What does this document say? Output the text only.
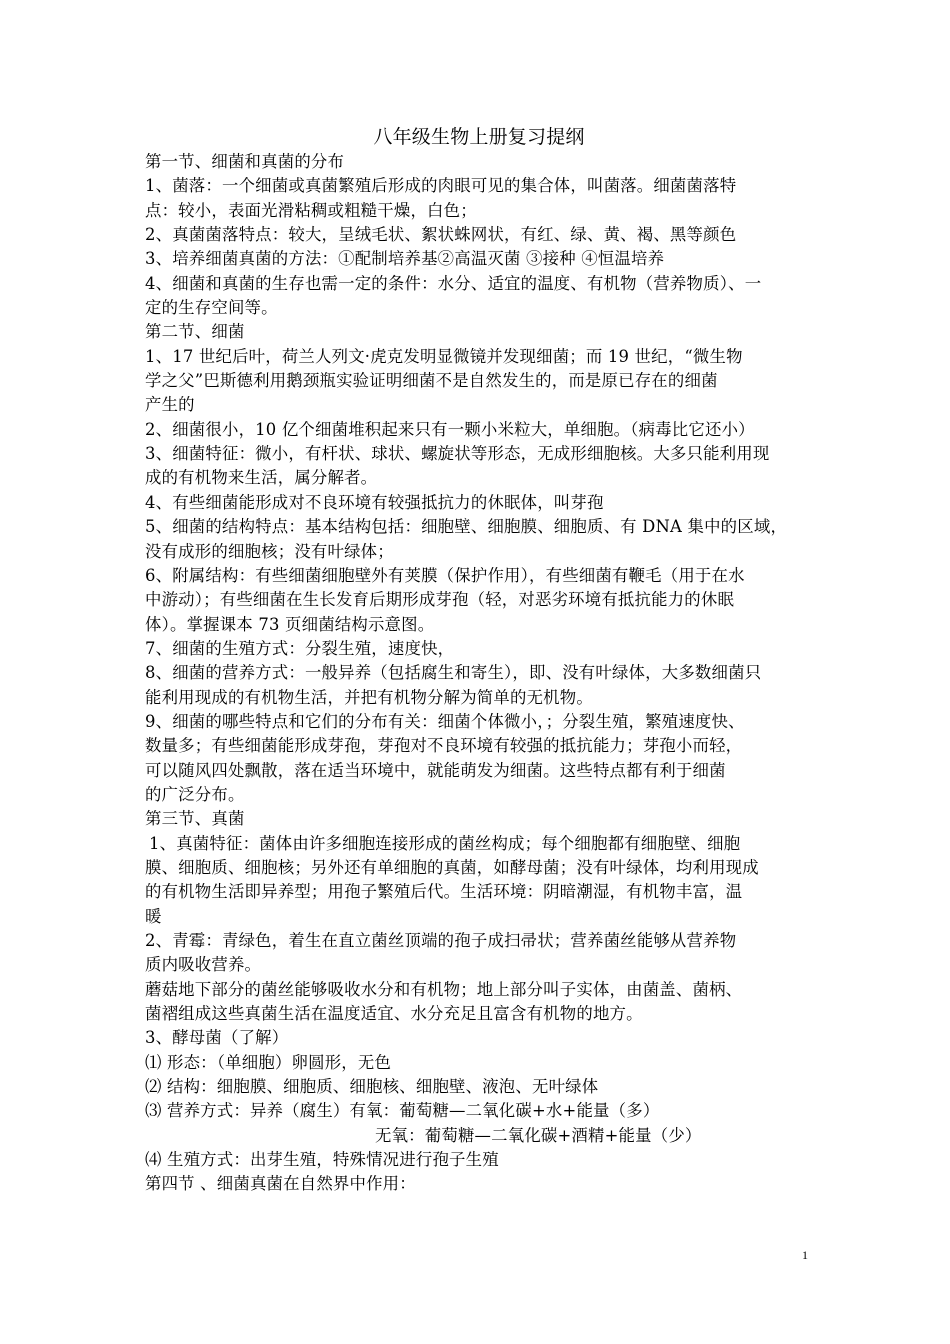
八年级生物上册复习提纲
第一节、细菌和真菌的分布
1、菌落：一个细菌或真菌繁殖后形成的肉眼可见的集合体，叫菌落。细菌菌落特
点：较小，表面光滑粘稠或粗糙干燥，白色；
2、真菌菌落特点：较大，呈绒毛状、絮状蛛网状，有红、绿、黄、褐、黑等颜色
3、培养细菌真菌的方法：①配制培养基②高温灭菌 ③接种 ④恒温培养
4、细菌和真菌的生存也需一定的条件：水分、适宜的温度、有机物（营养物质）、一
定的生存空间等。
第二节、细菌
1、17 世纪后叶，荷兰人列文·虎克发明显微镜并发现细菌；而 19 世纪，“微生物
学之父”巴斯德利用鹅颈瓶实验证明细菌不是自然发生的，而是原已存在的细菌
产生的
2、细菌很小，10 亿个细菌堆积起来只有一颗小米粒大，单细胞。（病毒比它还小）
3、细菌特征：微小，有杆状、球状、螺旋状等形态，无成形细胞核。大多只能利用现
成的有机物来生活，属分解者。
4、有些细菌能形成对不良环境有较强抵抗力的休眠体，叫芽孢
5、细菌的结构特点：基本结构包括：细胞壁、细胞膜、细胞质、有 DNA 集中的区域，
没有成形的细胞核；没有叶绿体；
6、附属结构：有些细菌细胞壁外有荚膜（保护作用），有些细菌有鞭毛（用于在水
中游动）；有些细菌在生长发育后期形成芽孢（轻，对恶劣环境有抵抗能力的休眠
体）。掌握课本 73 页细菌结构示意图。
7、细菌的生殖方式：分裂生殖，速度快，
8、细菌的营养方式：一般异养（包括腐生和寄生），即、没有叶绿体，大多数细菌只
能利用现成的有机物生活，并把有机物分解为简单的无机物。
9、细菌的哪些特点和它们的分布有关：细菌个体微小，；分裂生殖，繁殖速度快、
数量多；有些细菌能形成芽孢，芽孢对不良环境有较强的抵抗能力；芽孢小而轻，
可以随风四处飘散，落在适当环境中，就能萌发为细菌。这些特点都有利于细菌
的广泛分布。
第三节、真菌
1、真菌特征：菌体由许多细胞连接形成的菌丝构成；每个细胞都有细胞壁、细胞
膜、细胞质、细胞核；另外还有单细胞的真菌，如酵母菌；没有叶绿体，均利用现成
的有机物生活即异养型；用孢子繁殖后代。生活环境：阴暗潮湿，有机物丰富，温
暖
2、青霉：青绿色，着生在直立菌丝顶端的孢子成扫帚状；营养菌丝能够从营养物
质内吸收营养。
蘑菇地下部分的菌丝能够吸收水分和有机物；地上部分叫子实体，由菌盖、菌柄、
菌褶组成这些真菌生活在温度适宜、水分充足且富含有机物的地方。
3、酵母菌（了解）
⑴ 形态：（单细胞）卵圆形，无色
⑵ 结构：细胞膜、细胞质、细胞核、细胞壁、液泡、无叶绿体
⑶ 营养方式：异养（腐生）有氧：葡萄糖—二氧化碳+水+能量（多）
无氧：葡萄糖—二氧化碳+酒精+能量（少）
⑷ 生殖方式：出芽生殖，特殊情况进行孢子生殖
第四节 、细菌真菌在自然界中作用：
1
